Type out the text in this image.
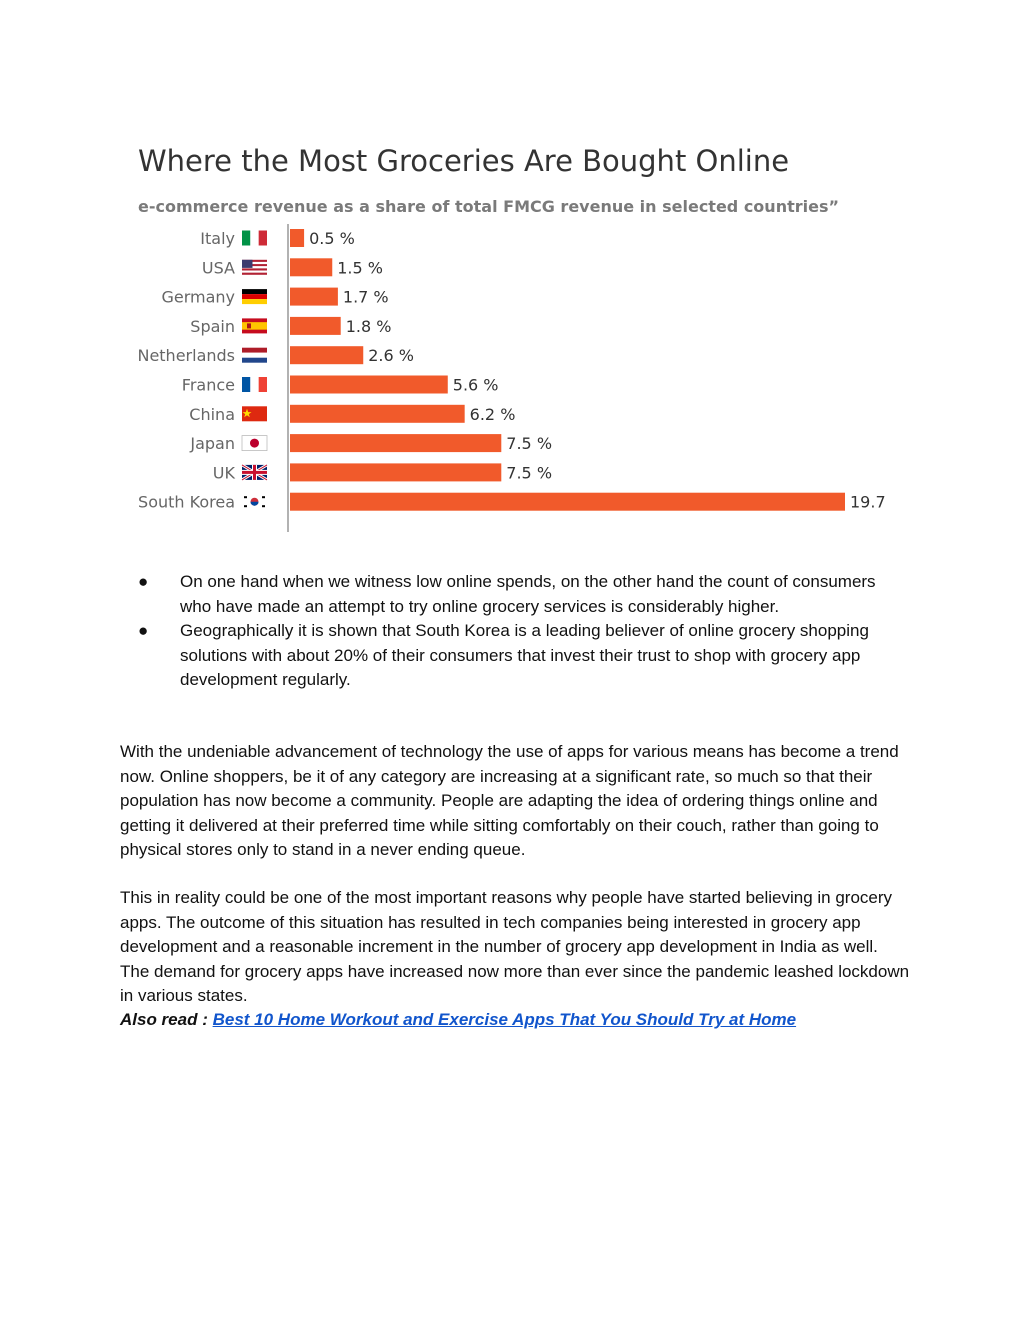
Where the Most Groceries Are Bought Online
e-commerce revenue as a share of total FMCG revenue in selected countries”
Italy	0.5 %
USA	1.5 %
Germany	1.7 %
Spain	1.8 %
Netherlands	2.6 %
France	5.6 %
China	6.2 %
Japan	7.5 %
UK	7.5 %
South Korea	19.7
● On one hand when we witness low online spends, on the other hand the count of consumers who have made an attempt to try online grocery services is considerably higher.
● Geographically it is shown that South Korea is a leading believer of online grocery shopping solutions with about 20% of their consumers that invest their trust to shop with grocery app development regularly.

With the undeniable advancement of technology the use of apps for various means has become a trend now. Online shoppers, be it of any category are increasing at a significant rate, so much so that their population has now become a community. People are adapting the idea of ordering things online and getting it delivered at their preferred time while sitting comfortably on their couch, rather than going to physical stores only to stand in a never ending queue.

This in reality could be one of the most important reasons why people have started believing in grocery apps. The outcome of this situation has resulted in tech companies being interested in grocery app development and a reasonable increment in the number of grocery app development in India as well. The demand for grocery apps have increased now more than ever since the pandemic leashed lockdown in various states.

Also read : Best 10 Home Workout and Exercise Apps That You Should Try at Home
